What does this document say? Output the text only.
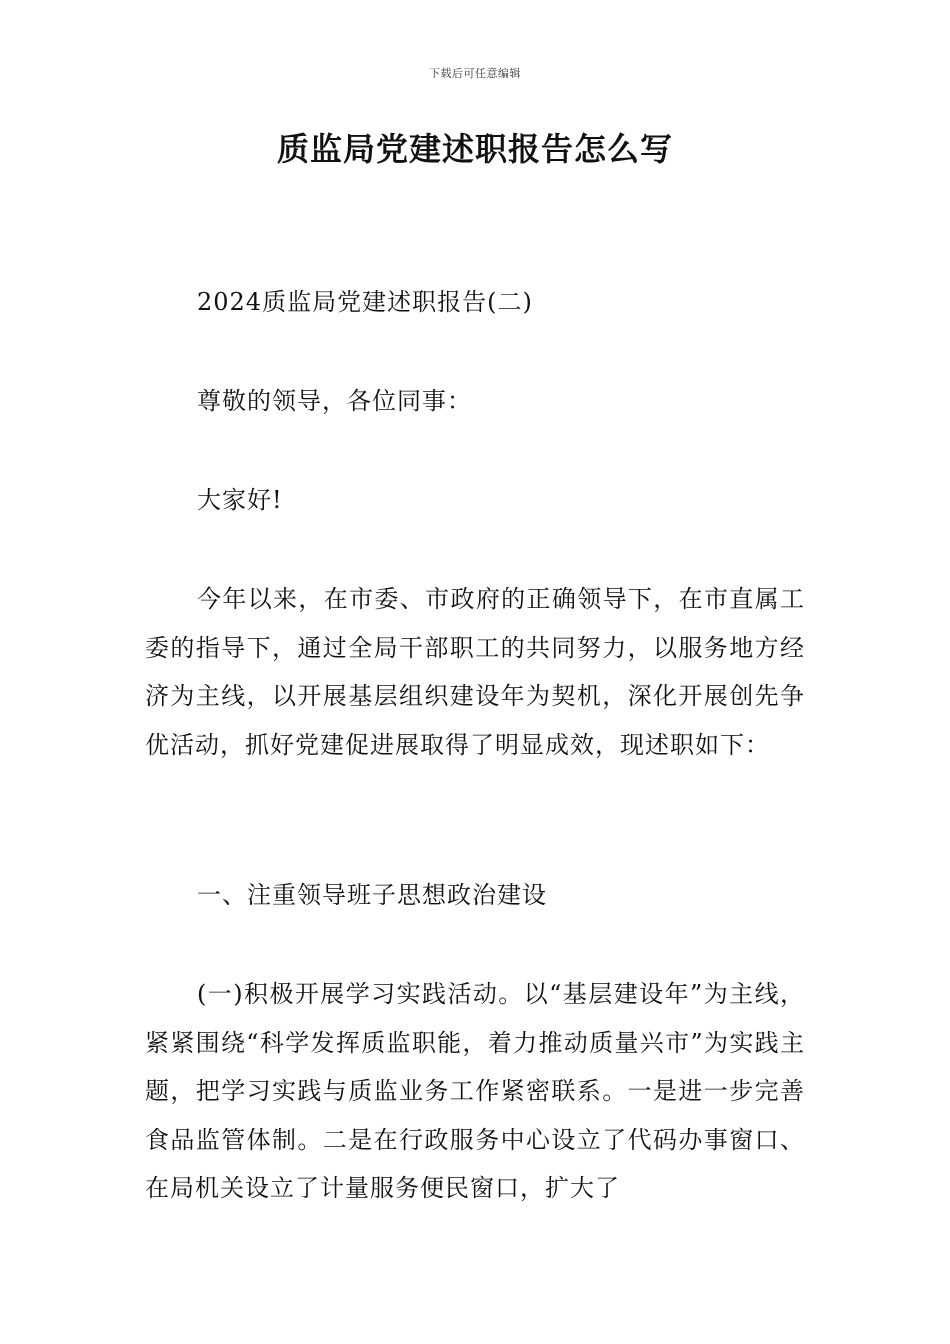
下载后可任意编辑
质监局党建述职报告怎么写

2024质监局党建述职报告(二)

尊敬的领导，各位同事：

大家好!

今年以来，在市委、市政府的正确领导下，在市直属工委的指导下，通过全局干部职工的共同努力，以服务地方经济为主线，以开展基层组织建设年为契机，深化开展创先争优活动，抓好党建促进展取得了明显成效，现述职如下：

一、注重领导班子思想政治建设

(一)积极开展学习实践活动。以“基层建设年”为主线，紧紧围绕“科学发挥质监职能，着力推动质量兴市”为实践主题，把学习实践与质监业务工作紧密联系。一是进一步完善食品监管体制。二是在行政服务中心设立了代码办事窗口、在局机关设立了计量服务便民窗口，扩大了
